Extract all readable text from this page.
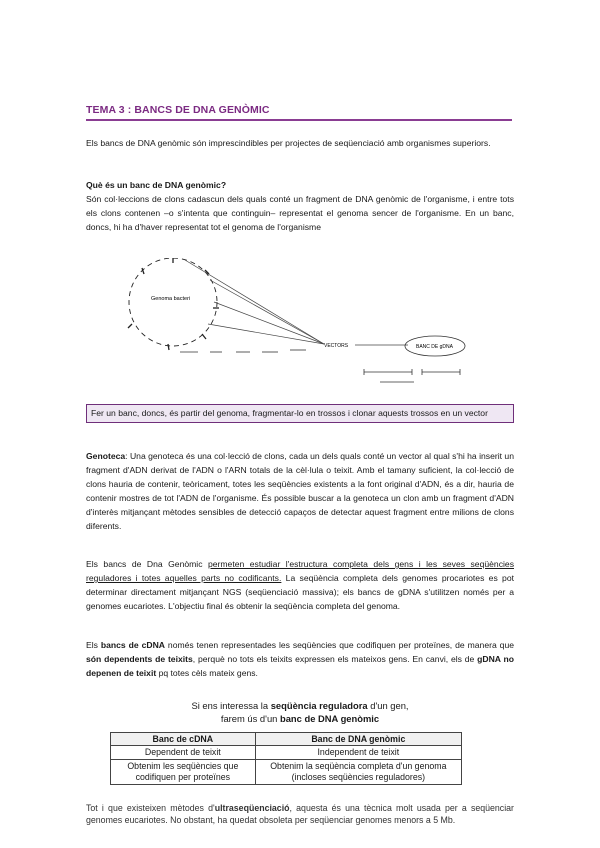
TEMA 3 : BANCS DE DNA GENÒMIC

Els bancs de DNA genòmic són imprescindibles per projectes de seqüenciació amb organismes superiors.

Què és un banc de DNA genòmic?

Són col·leccions de clons cadascun dels quals conté un fragment de DNA genòmic de l'organisme, i entre tots els clons contenen –o s'intenta que continguin– representat el genoma sencer de l'organisme. En un banc, doncs, hi ha d'haver representat tot el genoma de l'organisme

Genoma bacteri
VECTORS	BANC DE gDNA
Fer un banc, doncs, és partir del genoma, fragmentar-lo en trossos i clonar aquests trossos en un vector

Genoteca: Una genoteca és una col·lecció de clons, cada un dels quals conté un vector al qual s'hi ha inserit un fragment d'ADN derivat de l'ADN o l'ARN totals de la cèl·lula o teixit. Amb el tamany suficient, la col·lecció de clons hauria de contenir, teòricament, totes les seqüències existents a la font original d'ADN, és a dir, hauria de contenir mostres de tot l'ADN de l'organisme. És possible buscar a la genoteca un clon amb un fragment d'ADN d'interès mitjançant mètodes sensibles de detecció capaços de detectar aquest fragment entre milions de clons diferents.

Els bancs de Dna Genòmic permeten estudiar l'estructura completa dels gens i les seves seqüències reguladores i totes aquelles parts no codificants. La seqüència completa dels genomes procariotes es pot determinar directament mitjançant NGS (seqüenciació massiva); els bancs de gDNA s'utilitzen només per a genomes eucariotes. L'objectiu final és obtenir la seqüència completa del genoma.

Els bancs de cDNA només tenen representades les seqüències que codifiquen per proteïnes, de manera que són dependents de teixits, perquè no tots els teixits expressen els mateixos gens. En canvi, els de gDNA no depenen de teixit pq totes cèls mateix gens.

Si ens interessa la seqüència reguladora d'un gen,
farem ús d'un banc de DNA genòmic
Banc de cDNA	Banc de DNA genòmic
Dependent de teixit	Independent de teixit
Obtenim les seqüències que codifiquen per proteïnes	Obtenim la seqüència completa d'un genoma (incloses seqüències reguladores)

Tot i que existeixen mètodes d'ultraseqüenciació, aquesta és una tècnica molt usada per a seqüenciar genomes eucariotes. No obstant, ha quedat obsoleta per seqüenciar genomes menors a 5 Mb.
